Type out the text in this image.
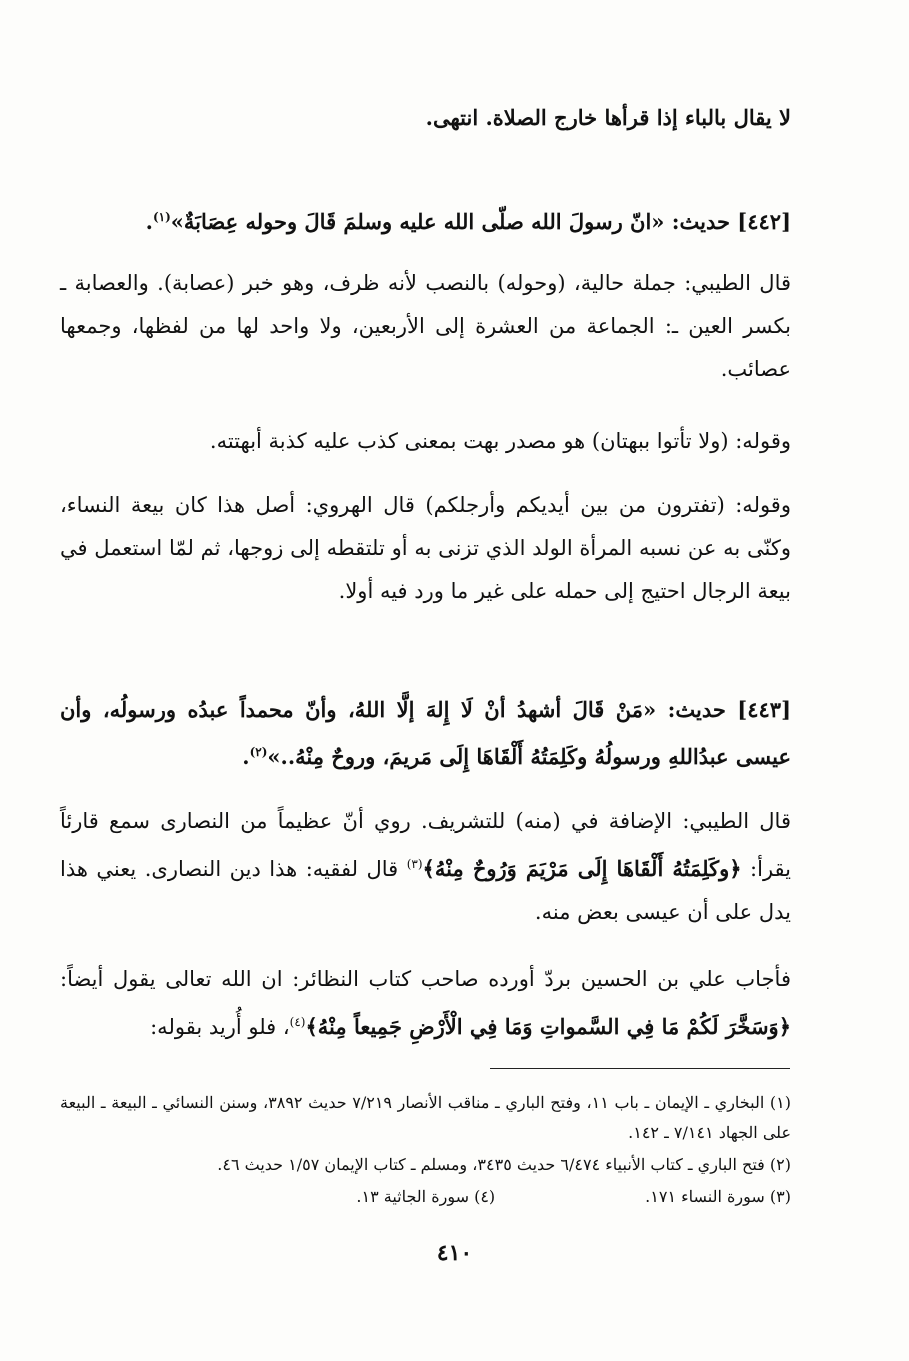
لا يقال بالباء إذا قرأها خارج الصلاة. انتهى.

[٤٤٢] حديث: «انّ رسولَ الله صلّى الله عليه وسلمَ قَالَ وحوله عِصَابَةٌ»$^{(١)}$.

قال الطيبي: جملة حالية، (وحوله) بالنصب لأنه ظرف، وهو خبر (عصابة). والعصابة ـ بكسر العين ـ: الجماعة من العشرة إلى الأربعين، ولا واحد لها من لفظها، وجمعها عصائب.

وقوله: (ولا تأتوا ببهتان) هو مصدر بهت بمعنى كذب عليه كذبة أبهتته.

وقوله: (تفترون من بين أيديكم وأرجلكم) قال الهروي: أصل هذا كان بيعة النساء، وكنّى به عن نسبه المرأة الولد الذي تزنى به أو تلتقطه إلى زوجها، ثم لمّا استعمل في بيعة الرجال احتيج إلى حمله على غير ما ورد فيه أولا.

[٤٤٣] حديث: «مَنْ قَالَ أشهدُ أنْ لَا إِلهَ إلَّا اللهُ، وأنّ محمداً عبدُه ورسولُه، وأن عيسى عبدُاللهِ ورسولُهُ وكَلِمَتُهُ أَلْقَاهَا إِلَى مَريمَ، وروحٌ مِنْهُ..»$^{(٢)}$.

قال الطيبي: الإضافة في (منه) للتشريف. روي أنّ عظيماً من النصارى سمع قارئاً يقرأ: ﴿وكَلِمَتُهُ أَلْقَاهَا إِلَى مَرْيَمَ وَرُوحٌ مِنْهُ﴾$^{(٣)}$ قال لفقيه: هذا دين النصارى. يعني هذا يدل على أن عيسى بعض منه.

فأجاب علي بن الحسين بردّ أورده صاحب كتاب النظائر: ان الله تعالى يقول أيضاً: ﴿وَسَخَّرَ لَكُمْ مَا فِي السَّمواتِ وَمَا فِي الْأَرْضِ جَمِيعاً مِنْهُ﴾$^{(٤)}$، فلو أُريد بقوله:

(١) البخاري ـ الإيمان ـ باب ١١، وفتح الباري ـ مناقب الأنصار ٧/٢١٩ حديث ٣٨٩٢، وسنن النسائي ـ البيعة ـ البيعة على الجهاد ٧/١٤١ ـ ١٤٢.

(٢) فتح الباري ـ كتاب الأنبياء ٦/٤٧٤ حديث ٣٤٣٥، ومسلم ـ كتاب الإيمان ١/٥٧ حديث ٤٦.

(٣) سورة النساء ١٧١.
(٤) سورة الجاثية ١٣.
٤١٠
